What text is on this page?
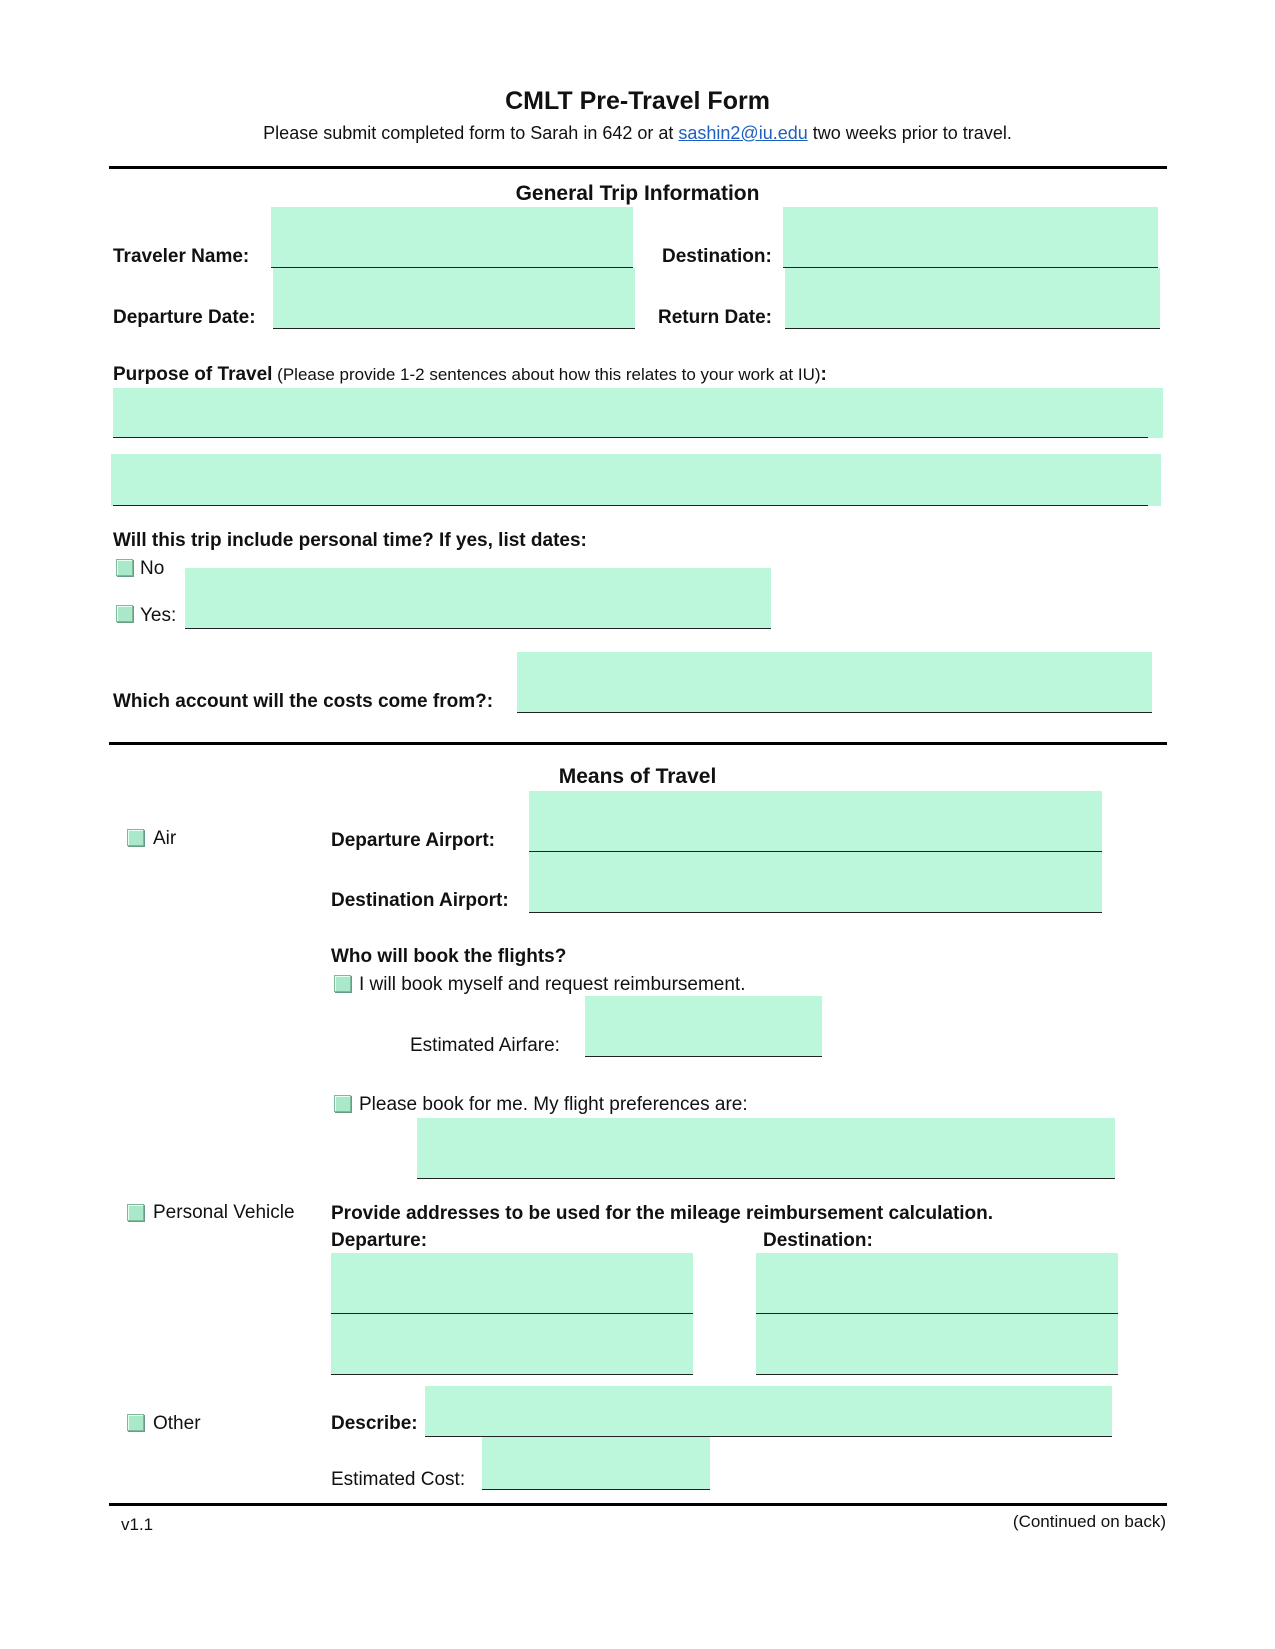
CMLT Pre-Travel Form
Please submit completed form to Sarah in 642 or at sashin2@iu.edu two weeks prior to travel.
General Trip Information
Traveler Name:	Destination:
Departure Date:	Return Date:
Purpose of Travel (Please provide 1-2 sentences about how this relates to your work at IU):
Will this trip include personal time? If yes, list dates:
No
Yes:
Which account will the costs come from?:
Means of Travel
Air	Departure Airport:
Destination Airport:
Who will book the flights?
I will book myself and request reimbursement.
Estimated Airfare:
Please book for me. My flight preferences are:
Personal Vehicle Provide addresses to be used for the mileage reimbursement calculation.
Departure:	Destination:
Other	Describe:
Estimated Cost:
v1.1	(Continued on back)
